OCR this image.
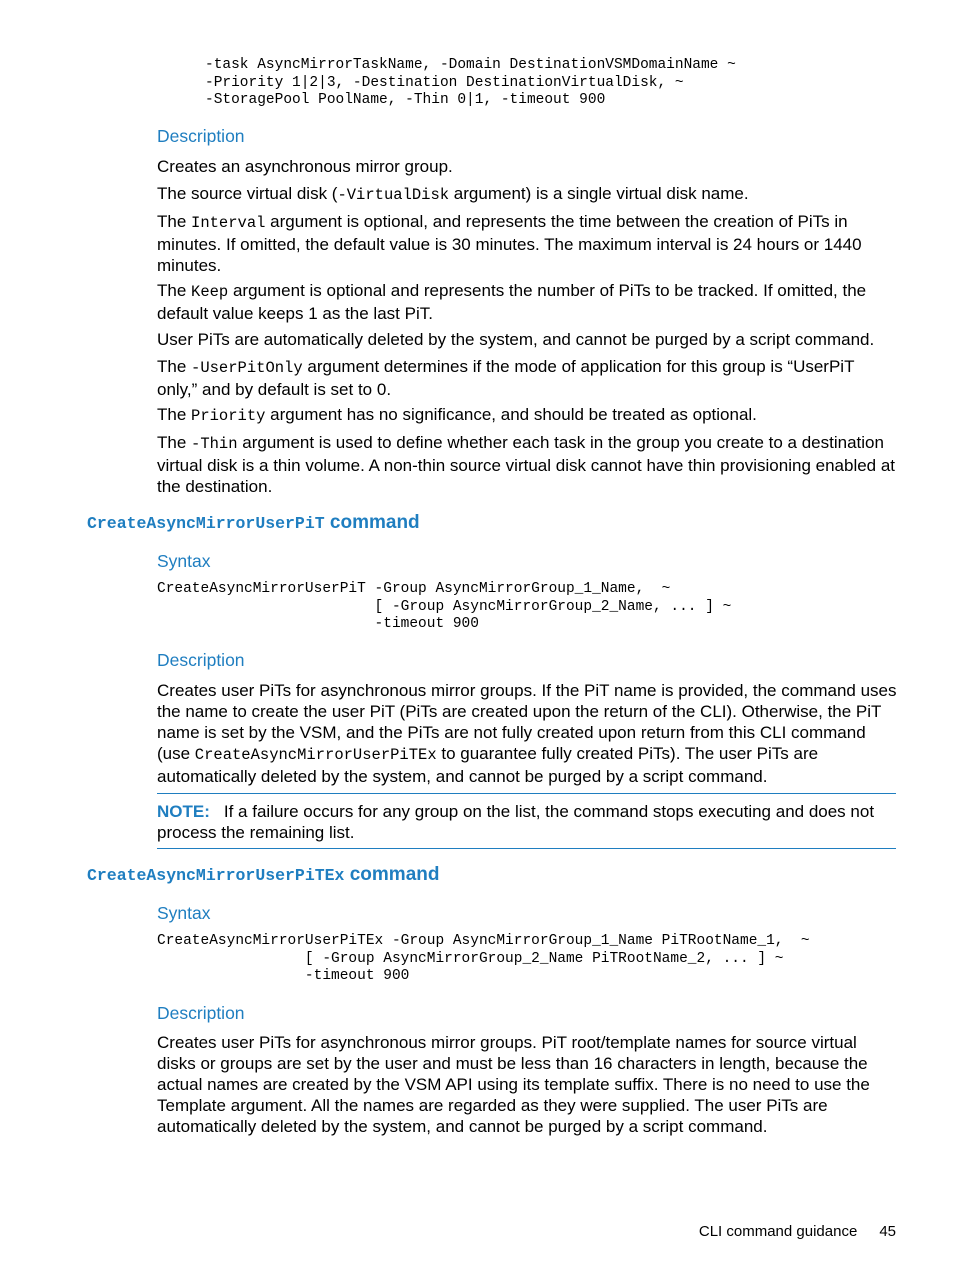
-task AsyncMirrorTaskName, -Domain DestinationVSMDomainName ~
-Priority 1|2|3, -Destination DestinationVirtualDisk, ~
-StoragePool PoolName, -Thin 0|1, -timeout 900

Description

Creates an asynchronous mirror group.

The source virtual disk (-VirtualDisk argument) is a single virtual disk name.

The Interval argument is optional, and represents the time between the creation of PiTs in minutes. If omitted, the default value is 30 minutes. The maximum interval is 24 hours or 1440 minutes.

The Keep argument is optional and represents the number of PiTs to be tracked. If omitted, the default value keeps 1 as the last PiT.

User PiTs are automatically deleted by the system, and cannot be purged by a script command.

The -UserPitOnly argument determines if the mode of application for this group is “UserPiT only,” and by default is set to 0.

The Priority argument has no significance, and should be treated as optional.

The -Thin argument is used to define whether each task in the group you create to a destination virtual disk is a thin volume. A non-thin source virtual disk cannot have thin provisioning enabled at the destination.

CreateAsyncMirrorUserPiT command

Syntax

CreateAsyncMirrorUserPiT -Group AsyncMirrorGroup_1_Name,  ~
[ -Group AsyncMirrorGroup_2_Name, ... ] ~
-timeout 900

Description

Creates user PiTs for asynchronous mirror groups. If the PiT name is provided, the command uses the name to create the user PiT (PiTs are created upon the return of the CLI). Otherwise, the PiT name is set by the VSM, and the PiTs are not fully created upon return from this CLI command (use CreateAsyncMirrorUserPiTEx to guarantee fully created PiTs). The user PiTs are automatically deleted by the system, and cannot be purged by a script command.

NOTE: If a failure occurs for any group on the list, the command stops executing and does not process the remaining list.

CreateAsyncMirrorUserPiTEx command

Syntax

CreateAsyncMirrorUserPiTEx -Group AsyncMirrorGroup_1_Name PiTRootName_1,  ~
[ -Group AsyncMirrorGroup_2_Name PiTRootName_2, ... ] ~
-timeout 900

Description

Creates user PiTs for asynchronous mirror groups. PiT root/template names for source virtual disks or groups are set by the user and must be less than 16 characters in length, because the actual names are created by the VSM API using its template suffix. There is no need to use the Template argument. All the names are regarded as they were supplied. The user PiTs are automatically deleted by the system, and cannot be purged by a script command.

CLI command guidance 45
